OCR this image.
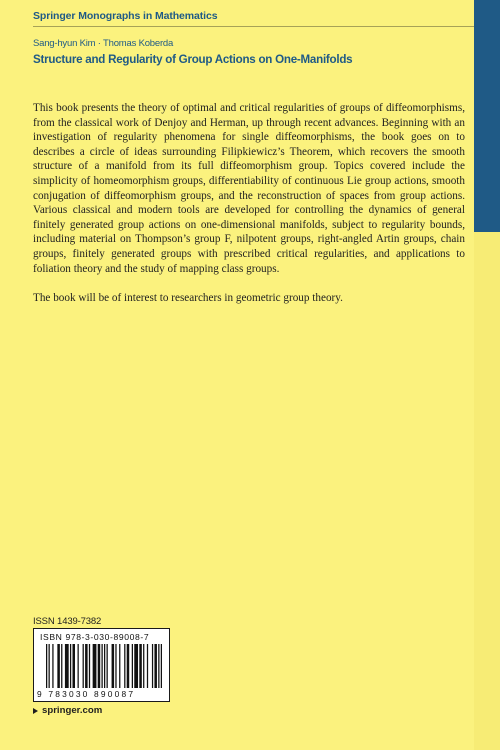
Springer Monographs in Mathematics
Sang-hyun Kim · Thomas Koberda
Structure and Regularity of Group Actions on One-Manifolds

This book presents the theory of optimal and critical regularities of groups of diffeomorphisms, from the classical work of Denjoy and Herman, up through recent advances. Beginning with an investigation of regularity phenomena for single diffeomorphisms, the book goes on to describes a circle of ideas surrounding Filipkiewicz’s Theorem, which recovers the smooth structure of a manifold from its full diffeomorphism group. Topics covered include the simplicity of homeomorphism groups, differentiability of continuous Lie group actions, smooth conjugation of diffeomorphism groups, and the reconstruction of spaces from group actions. Various classical and modern tools are developed for controlling the dynamics of general finitely generated group actions on one-dimensional manifolds, subject to regularity bounds, including material on Thompson’s group F, nilpotent groups, right-angled Artin groups, chain groups, finitely generated groups with prescribed critical regularities, and applications to foliation theory and the study of mapping class groups.

The book will be of interest to researchers in geometric group theory.

ISSN 1439-7382
ISBN 978-3-030-89008-7
9 783030 890087
springer.com
